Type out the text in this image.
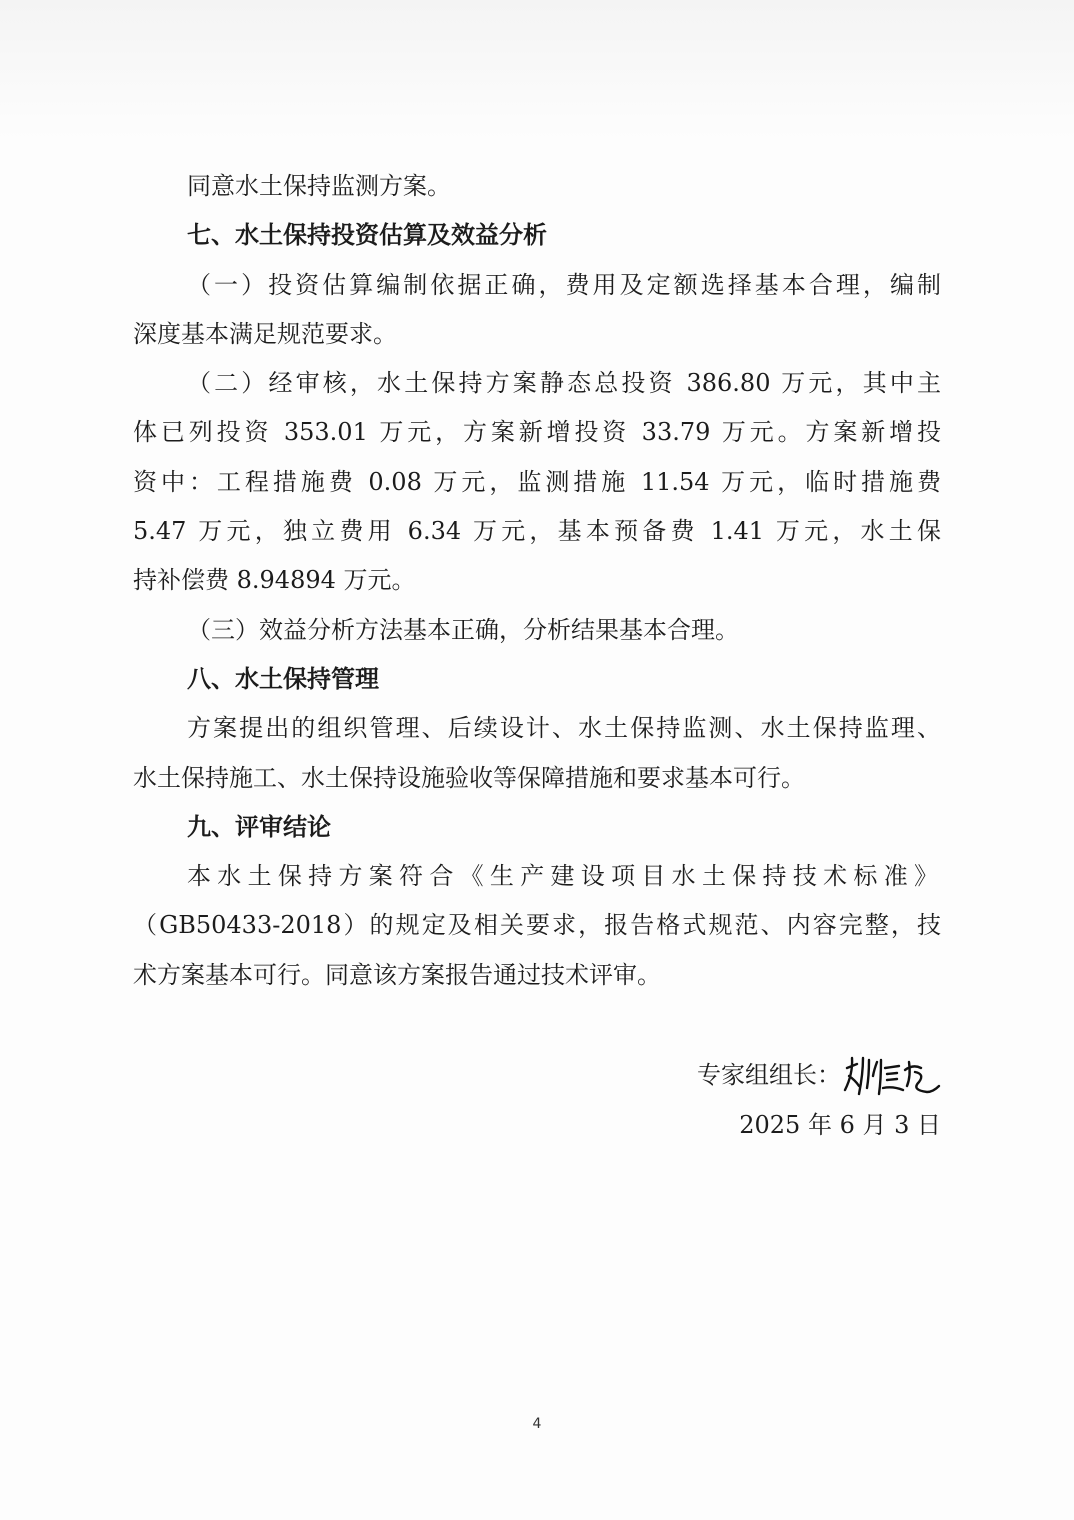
同意水土保持监测方案。

七、水土保持投资估算及效益分析

（一）投资估算编制依据正确，费用及定额选择基本合理，编制

深度基本满足规范要求。

（二）经审核，水土保持方案静态总投资 386.80 万元，其中主

体已列投资 353.01 万元，方案新增投资 33.79 万元。方案新增投

资中：工程措施费 0.08 万元，监测措施 11.54 万元，临时措施费

5.47 万元，独立费用 6.34 万元，基本预备费 1.41 万元，水土保

持补偿费 8.94894 万元。

（三）效益分析方法基本正确，分析结果基本合理。

八、水土保持管理

方案提出的组织管理、后续设计、水土保持监测、水土保持监理、

水土保持施工、水土保持设施验收等保障措施和要求基本可行。

九、评审结论

本水土保持方案符合《生产建设项目水土保持技术标准》

（GB50433-2018）的规定及相关要求，报告格式规范、内容完整，技

术方案基本可行。同意该方案报告通过技术评审。

专家组组长：
2025 年 6 月 3 日
4
